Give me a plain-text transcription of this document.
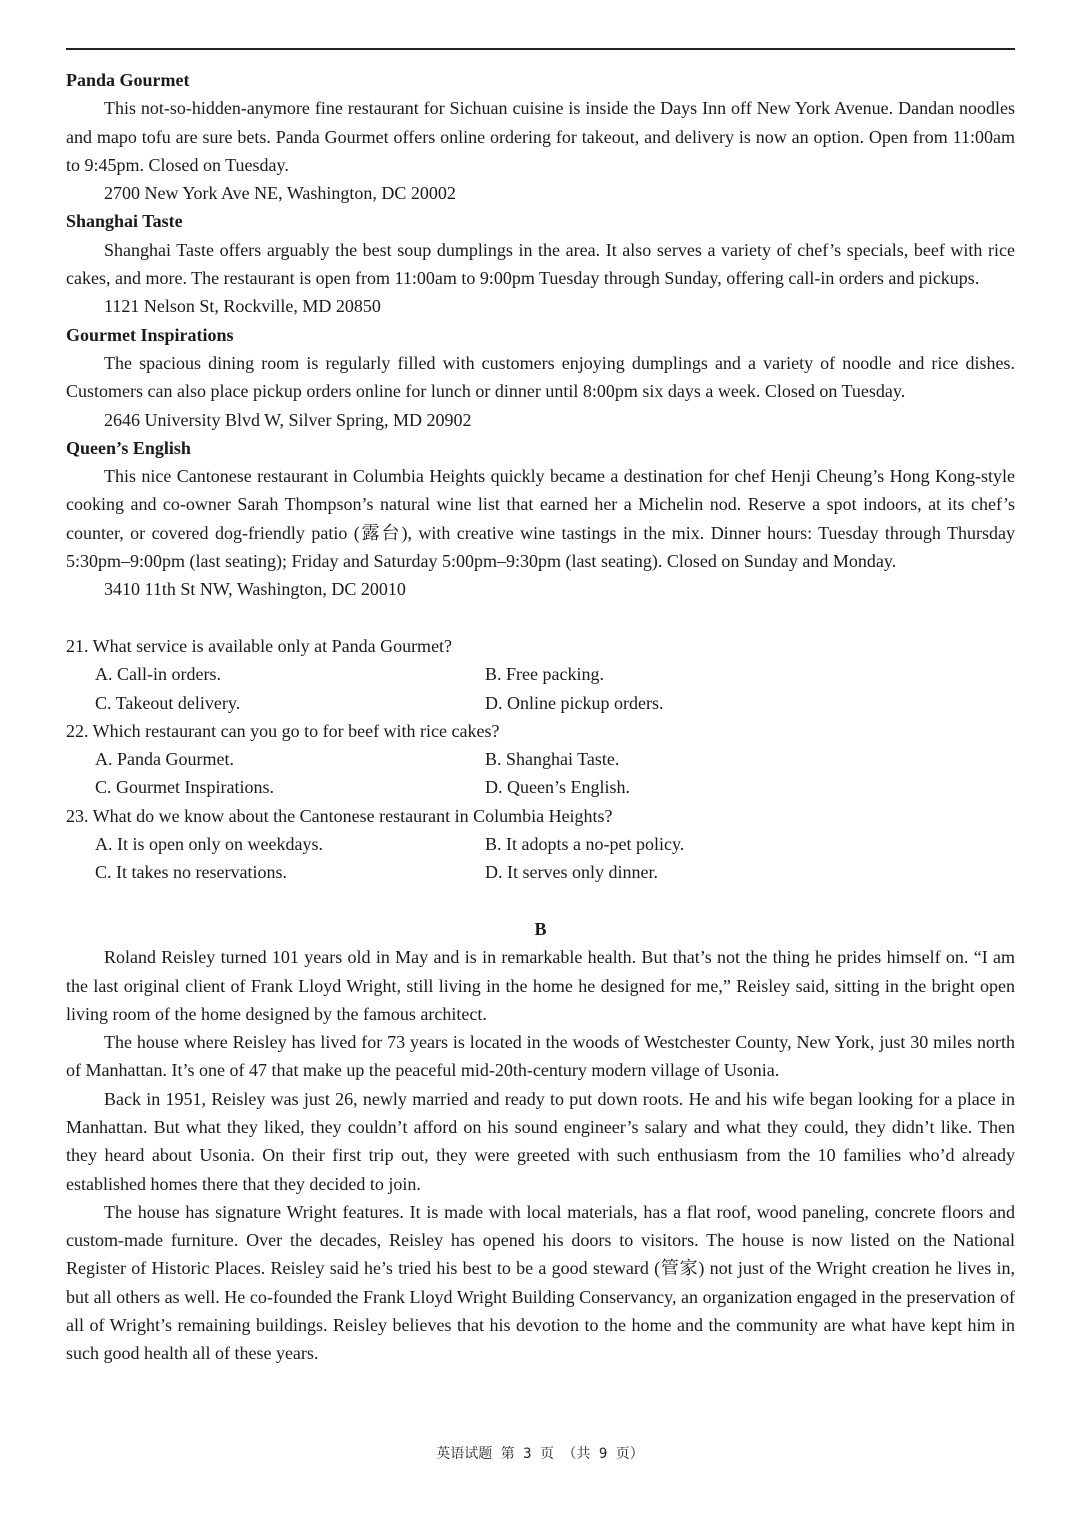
Panda Gourmet

This not-so-hidden-anymore fine restaurant for Sichuan cuisine is inside the Days Inn off New York Avenue. Dandan noodles and mapo tofu are sure bets. Panda Gourmet offers online ordering for takeout, and delivery is now an option. Open from 11:00am to 9:45pm. Closed on Tuesday.

2700 New York Ave NE, Washington, DC 20002
Shanghai Taste

Shanghai Taste offers arguably the best soup dumplings in the area. It also serves a variety of chef’s specials, beef with rice cakes, and more. The restaurant is open from 11:00am to 9:00pm Tuesday through Sunday, offering call-in orders and pickups.

1121 Nelson St, Rockville, MD 20850
Gourmet Inspirations

The spacious dining room is regularly filled with customers enjoying dumplings and a variety of noodle and rice dishes. Customers can also place pickup orders online for lunch or dinner until 8:00pm six days a week. Closed on Tuesday.

2646 University Blvd W, Silver Spring, MD 20902
Queen’s English

This nice Cantonese restaurant in Columbia Heights quickly became a destination for chef Henji Cheung’s Hong Kong-style cooking and co-owner Sarah Thompson’s natural wine list that earned her a Michelin nod. Reserve a spot indoors, at its chef’s counter, or covered dog-friendly patio (露台), with creative wine tastings in the mix. Dinner hours: Tuesday through Thursday 5:30pm–9:00pm (last seating); Friday and Saturday 5:00pm–9:30pm (last seating). Closed on Sunday and Monday.

3410 11th St NW, Washington, DC 20010
21. What service is available only at Panda Gourmet?
A. Call-in orders.	B. Free packing.
C. Takeout delivery.	D. Online pickup orders.
22. Which restaurant can you go to for beef with rice cakes?
A. Panda Gourmet.	B. Shanghai Taste.
C. Gourmet Inspirations.	D. Queen’s English.
23. What do we know about the Cantonese restaurant in Columbia Heights?
A. It is open only on weekdays.	B. It adopts a no-pet policy.
C. It takes no reservations.	D. It serves only dinner.
B

Roland Reisley turned 101 years old in May and is in remarkable health. But that’s not the thing he prides himself on. “I am the last original client of Frank Lloyd Wright, still living in the home he designed for me,” Reisley said, sitting in the bright open living room of the home designed by the famous architect.

The house where Reisley has lived for 73 years is located in the woods of Westchester County, New York, just 30 miles north of Manhattan. It’s one of 47 that make up the peaceful mid-20th-century modern village of Usonia.

Back in 1951, Reisley was just 26, newly married and ready to put down roots. He and his wife began looking for a place in Manhattan. But what they liked, they couldn’t afford on his sound engineer’s salary and what they could, they didn’t like. Then they heard about Usonia. On their first trip out, they were greeted with such enthusiasm from the 10 families who’d already established homes there that they decided to join.

The house has signature Wright features. It is made with local materials, has a flat roof, wood paneling, concrete floors and custom-made furniture. Over the decades, Reisley has opened his doors to visitors. The house is now listed on the National Register of Historic Places. Reisley said he’s tried his best to be a good steward (管家) not just of the Wright creation he lives in, but all others as well. He co-founded the Frank Lloyd Wright Building Conservancy, an organization engaged in the preservation of all of Wright’s remaining buildings. Reisley believes that his devotion to the home and the community are what have kept him in such good health all of these years.

英语试题 第 3 页 （共 9 页）
